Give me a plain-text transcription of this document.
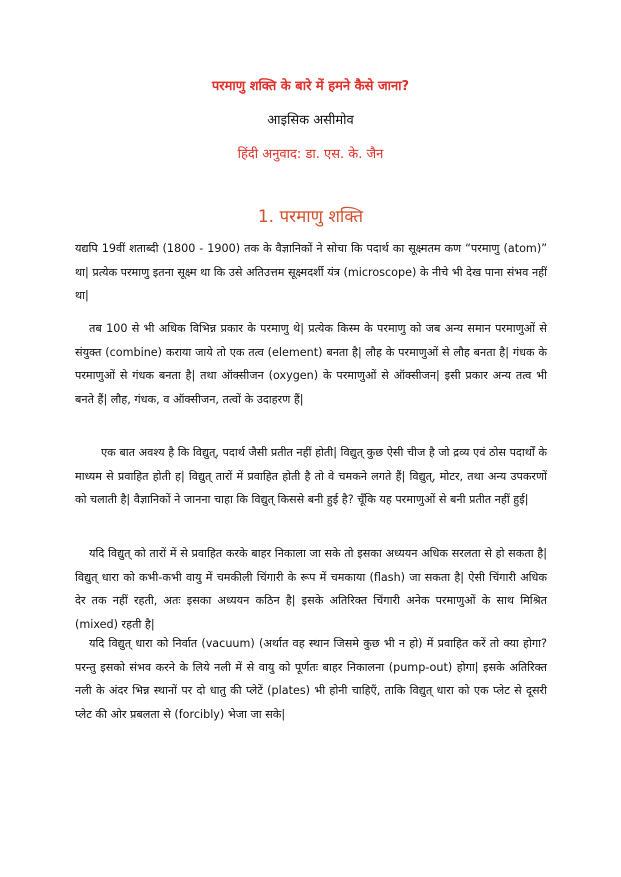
परमाणु शक्ति के बारे में हमने कैसे जाना?
आइसिक असीमोव
हिंदी अनुवाद: डा. एस. के. जैन
1. परमाणु शक्ति

यद्यपि 19वीं शताब्दी (1800 - 1900) तक के वैज्ञानिकों ने सोचा कि पदार्थ का सूक्ष्मतम कण “परमाणु (atom)” था| प्रत्येक परमाणु इतना सूक्ष्म था कि उसे अतिउत्तम सूक्ष्मदर्शी यंत्र (microscope) के नीचे भी देख पाना संभव नहीं था|

तब 100 से भी अधिक विभिन्न प्रकार के परमाणु थे| प्रत्येक किस्म के परमाणु को जब अन्य समान परमाणुओं से संयुक्त (combine) कराया जाये तो एक तत्व (element) बनता है| लौह के परमाणुओं से लौह बनता है| गंधक के परमाणुओं से गंधक बनता है| तथा ऑक्सीजन (oxygen) के परमाणुओं से ऑक्सीजन| इसी प्रकार अन्य तत्व भी बनते हैं| लौह, गंधक, व ऑक्सीजन, तत्वों के उदाहरण हैं|

एक बात अवश्य है कि विद्युत्, पदार्थ जैसी प्रतीत नहीं होती| विद्युत् कुछ ऐसी चीज है जो द्रव्य एवं ठोस पदार्थों के माध्यम से प्रवाहित होती ह| विद्युत् तारों में प्रवाहित होती है तो वे चमकने लगते हैं| विद्युत्, मोटर, तथा अन्य उपकरणों को चलाती है| वैज्ञानिकों ने जानना चाहा कि विद्युत् किससे बनी हुई है? चूँकि यह परमाणुओं से बनी प्रतीत नहीं हुई|

यदि विद्युत् को तारों में से प्रवाहित करके बाहर निकाला जा सके तो इसका अध्ययन अधिक सरलता से हो सकता है| विद्युत् धारा को कभी-कभी वायु में चमकीली चिंगारी के रूप में चमकाया (flash) जा सकता है| ऐसी चिंगारी अधिक देर तक नहीं रहती, अतः इसका अध्ययन कठिन है| इसके अतिरिक्त चिंगारी अनेक परमाणुओं के साथ मिश्रित (mixed) रहती है|

यदि विद्युत् धारा को निर्वात (vacuum) (अर्थात वह स्थान जिसमे कुछ भी न हो) में प्रवाहित करें तो क्या होगा? परन्तु इसको संभव करने के लिये नली में से वायु को पूर्णतः बाहर निकालना (pump-out) होगा| इसके अतिरिक्त नली के अंदर भिन्न स्थानों पर दो धातु की प्लेटें (plates) भी होनी चाहिएँ, ताकि विद्युत् धारा को एक प्लेट से दूसरी प्लेट की ओर प्रबलता से (forcibly) भेजा जा सके|
